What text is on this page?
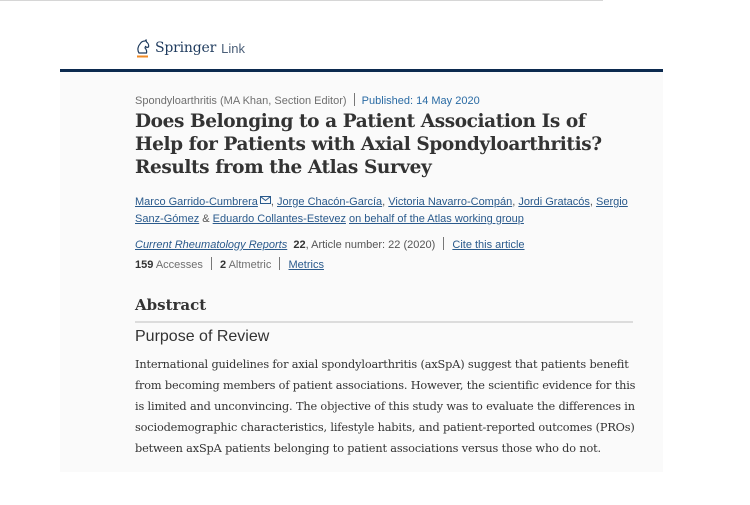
Springer Link
Spondyloarthritis (MA Khan, Section Editor) Published: 14 May 2020
Does Belonging to a Patient Association Is of Help for Patients with Axial Spondyloarthritis? Results from the Atlas Survey
Marco Garrido-Cumbrera , Jorge Chacón-García, Victoria Navarro-Compán, Jordi Gratacós, Sergio Sanz-Gómez & Eduardo Collantes-Estevez on behalf of the Atlas working group
Current Rheumatology Reports 22, Article number: 22 (2020) Cite this article
159 Accesses 2 Altmetric Metrics
Abstract
Purpose of Review

International guidelines for axial spondyloarthritis (axSpA) suggest that patients benefit from becoming members of patient associations. However, the scientific evidence for this is limited and unconvincing. The objective of this study was to evaluate the differences in sociodemographic characteristics, lifestyle habits, and patient-reported outcomes (PROs) between axSpA patients belonging to patient associations versus those who do not.
